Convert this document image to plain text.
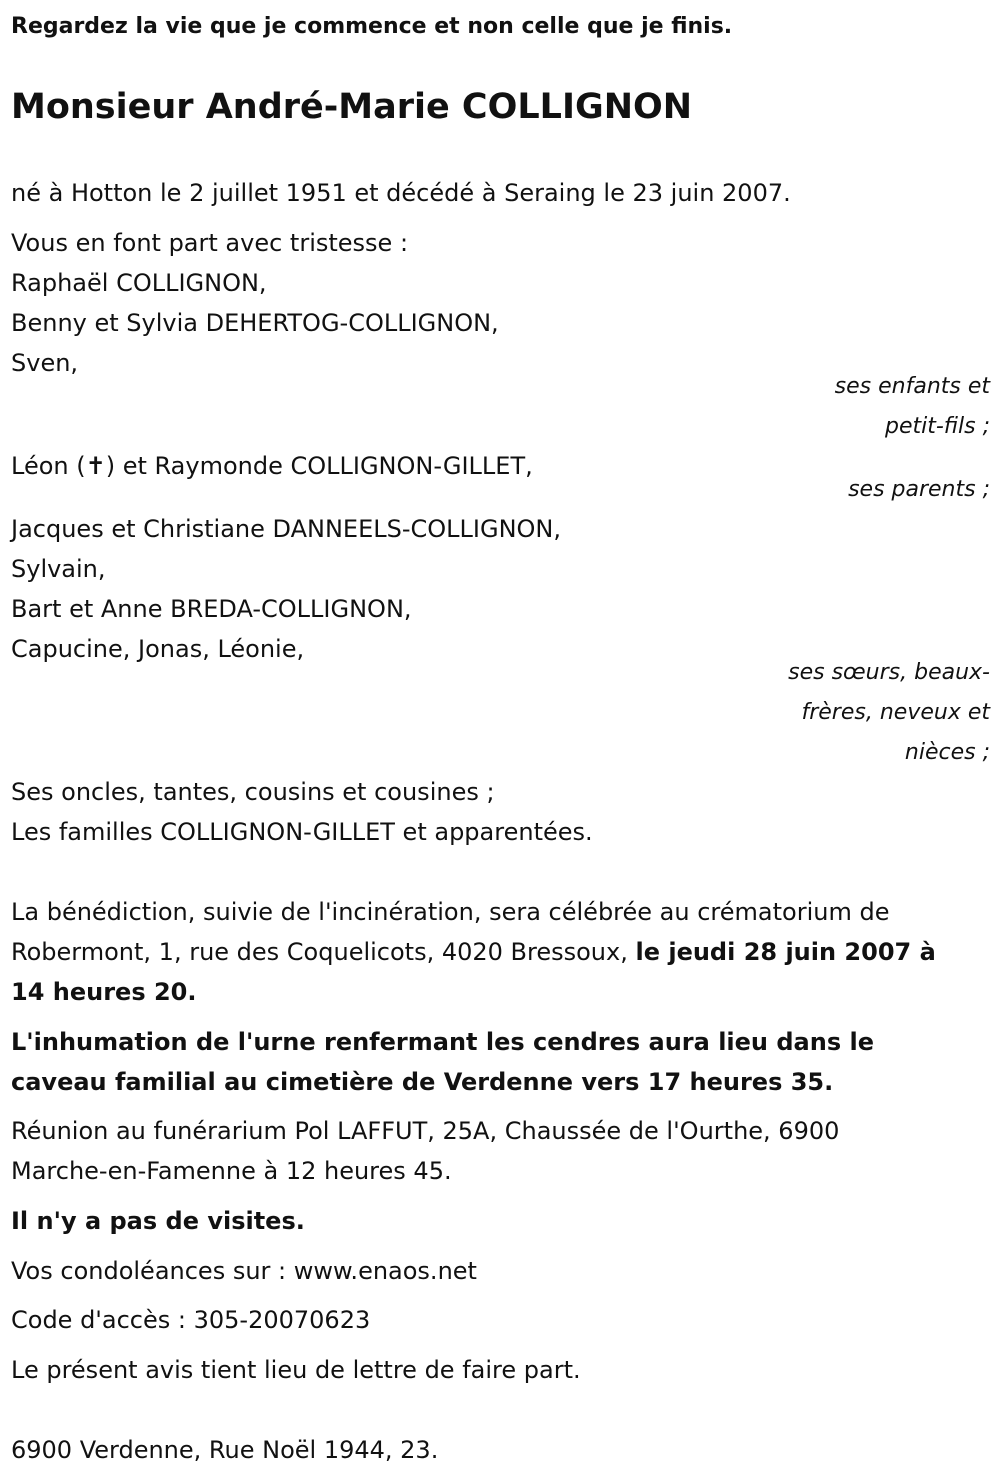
Regardez la vie que je commence et non celle que je finis.
Monsieur André-Marie COLLIGNON
né à Hotton le 2 juillet 1951 et décédé à Seraing le 23 juin 2007.
Vous en font part avec tristesse :
Raphaël COLLIGNON,
Benny et Sylvia DEHERTOG-COLLIGNON,
Sven,
ses enfants et
petit-fils ;
Léon (✝) et Raymonde COLLIGNON-GILLET,
ses parents ;
Jacques et Christiane DANNEELS-COLLIGNON,
Sylvain,
Bart et Anne BREDA-COLLIGNON,
Capucine, Jonas, Léonie,
ses sœurs, beaux-
frères, neveux et
nièces ;
Ses oncles, tantes, cousins et cousines ;
Les familles COLLIGNON-GILLET et apparentées.
La bénédiction, suivie de l'incinération, sera célébrée au crématorium de
Robermont, 1, rue des Coquelicots, 4020 Bressoux, le jeudi 28 juin 2007 à
14 heures 20.
L'inhumation de l'urne renfermant les cendres aura lieu dans le
caveau familial au cimetière de Verdenne vers 17 heures 35.
Réunion au funérarium Pol LAFFUT, 25A, Chaussée de l'Ourthe, 6900
Marche-en-Famenne à 12 heures 45.
Il n'y a pas de visites.
Vos condoléances sur : www.enaos.net
Code d'accès : 305-20070623
Le présent avis tient lieu de lettre de faire part.
6900 Verdenne, Rue Noël 1944, 23.
